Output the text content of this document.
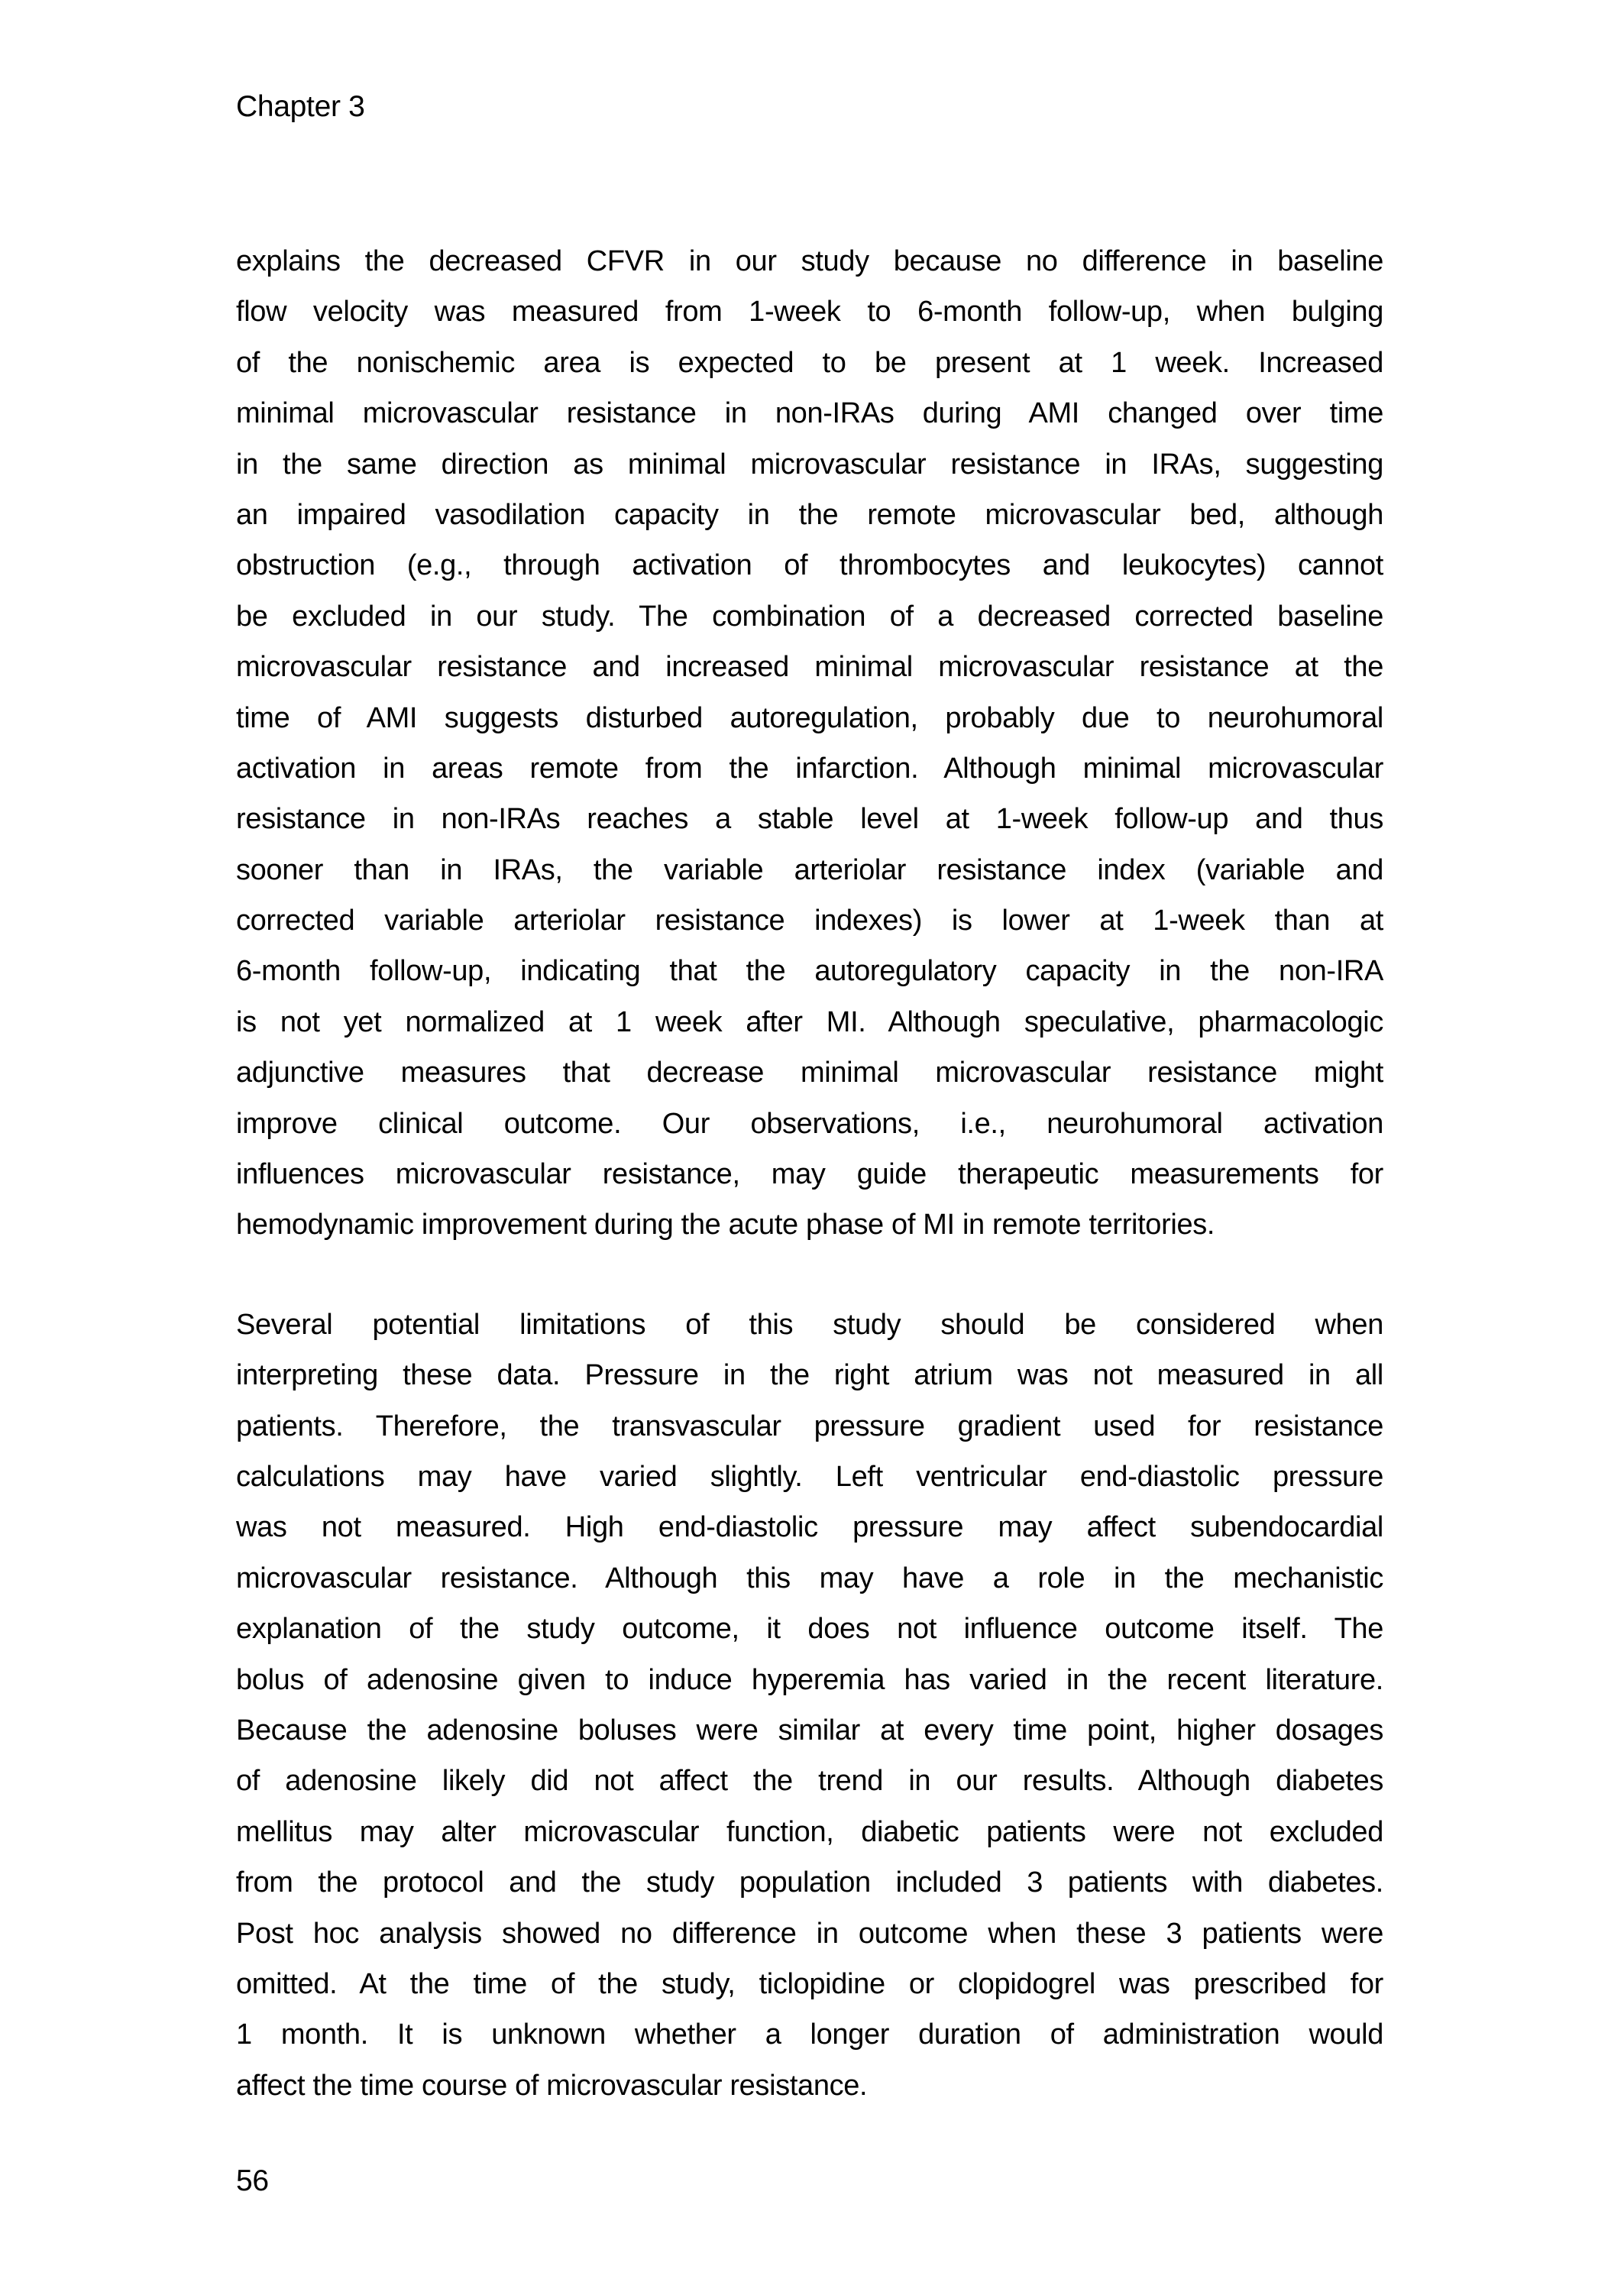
Chapter 3
explains the decreased CFVR in our study because no difference in baseline
flow velocity was measured from 1-week to 6-month follow-up, when bulging
of the nonischemic area is expected to be present at 1 week. Increased
minimal microvascular resistance in non-IRAs during AMI changed over time
in the same direction as minimal microvascular resistance in IRAs, suggesting
an impaired vasodilation capacity in the remote microvascular bed, although
obstruction (e.g., through activation of thrombocytes and leukocytes) cannot
be excluded in our study. The combination of a decreased corrected baseline
microvascular resistance and increased minimal microvascular resistance at the
time of AMI suggests disturbed autoregulation, probably due to neurohumoral
activation in areas remote from the infarction. Although minimal microvascular
resistance in non-IRAs reaches a stable level at 1-week follow-up and thus
sooner than in IRAs, the variable arteriolar resistance index (variable and
corrected variable arteriolar resistance indexes) is lower at 1-week than at
6-month follow-up, indicating that the autoregulatory capacity in the non-IRA
is not yet normalized at 1 week after MI. Although speculative, pharmacologic
adjunctive measures that decrease minimal microvascular resistance might
improve clinical outcome. Our observations, i.e., neurohumoral activation
influences microvascular resistance, may guide therapeutic measurements for
hemodynamic improvement during the acute phase of MI in remote territories.
Several potential limitations of this study should be considered when
interpreting these data. Pressure in the right atrium was not measured in all
patients. Therefore, the transvascular pressure gradient used for resistance
calculations may have varied slightly. Left ventricular end-diastolic pressure
was not measured. High end-diastolic pressure may affect subendocardial
microvascular resistance. Although this may have a role in the mechanistic
explanation of the study outcome, it does not influence outcome itself. The
bolus of adenosine given to induce hyperemia has varied in the recent literature.
Because the adenosine boluses were similar at every time point, higher dosages
of adenosine likely did not affect the trend in our results. Although diabetes
mellitus may alter microvascular function, diabetic patients were not excluded
from the protocol and the study population included 3 patients with diabetes.
Post hoc analysis showed no difference in outcome when these 3 patients were
omitted. At the time of the study, ticlopidine or clopidogrel was prescribed for
1 month. It is unknown whether a longer duration of administration would
affect the time course of microvascular resistance.
56
